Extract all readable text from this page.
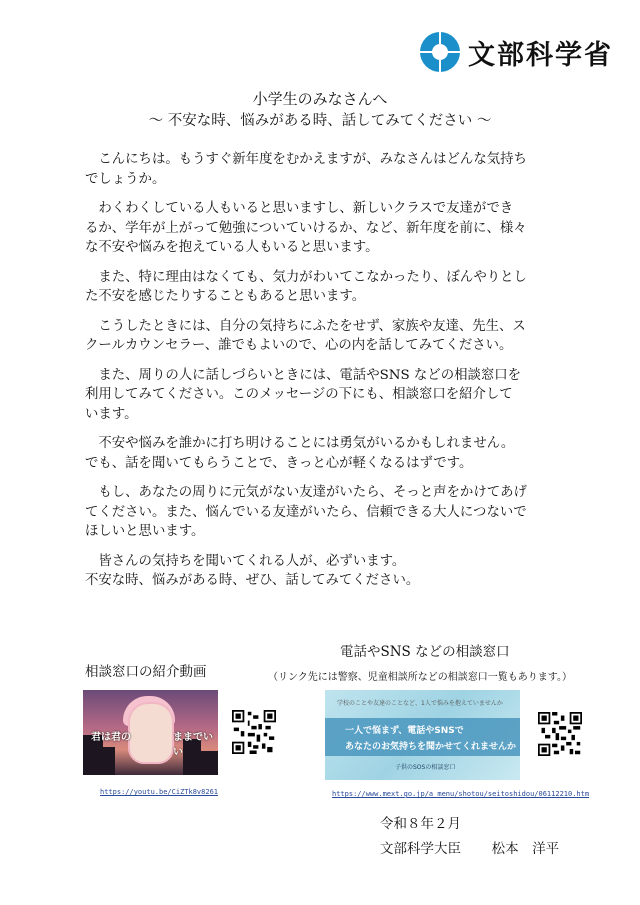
文部科学省
小学生のみなさんへ
～ 不安な時、悩みがある時、話してみてください ～
こんにちは。もうすぐ新年度をむかえますが、みなさんはどんな気持ち
でしょうか。
わくわくしている人もいると思いますし、新しいクラスで友達ができ
るか、学年が上がって勉強についていけるか、など、新年度を前に、様々
な不安や悩みを抱えている人もいると思います。
また、特に理由はなくても、気力がわいてこなかったり、ぼんやりとし
た不安を感じたりすることもあると思います。
こうしたときには、自分の気持ちにふたをせず、家族や友達、先生、ス
クールカウンセラー、誰でもよいので、心の内を話してみてください。
また、周りの人に話しづらいときには、電話やSNS などの相談窓口を
利用してみてください。このメッセージの下にも、相談窓口を紹介して
います。
不安や悩みを誰かに打ち明けることには勇気がいるかもしれません。
でも、話を聞いてもらうことで、きっと心が軽くなるはずです。
もし、あなたの周りに元気がない友達がいたら、そっと声をかけてあげ
てください。また、悩んでいる友達がいたら、信頼できる大人につないで
ほしいと思います。
皆さんの気持ちを聞いてくれる人が、必ずいます。
不安な時、悩みがある時、ぜひ、話してみてください。
相談窓口の紹介動画
君は君の	ままでいい
https://youtu.be/CiZTk8v8261
電話やSNS などの相談窓口
（リンク先には警察、児童相談所などの相談窓口一覧もあります。）
学校のことや友達のことなど、1人で悩みを抱えていませんか
一人で悩まず、電話やSNSで
あなたのお気持ちを聞かせてくれませんか
子供のSOSの相談窓口
https://www.mext.go.jp/a_menu/shotou/seitoshidou/06112210.htm
令和８年２月
文部科学大臣 松本　洋平
